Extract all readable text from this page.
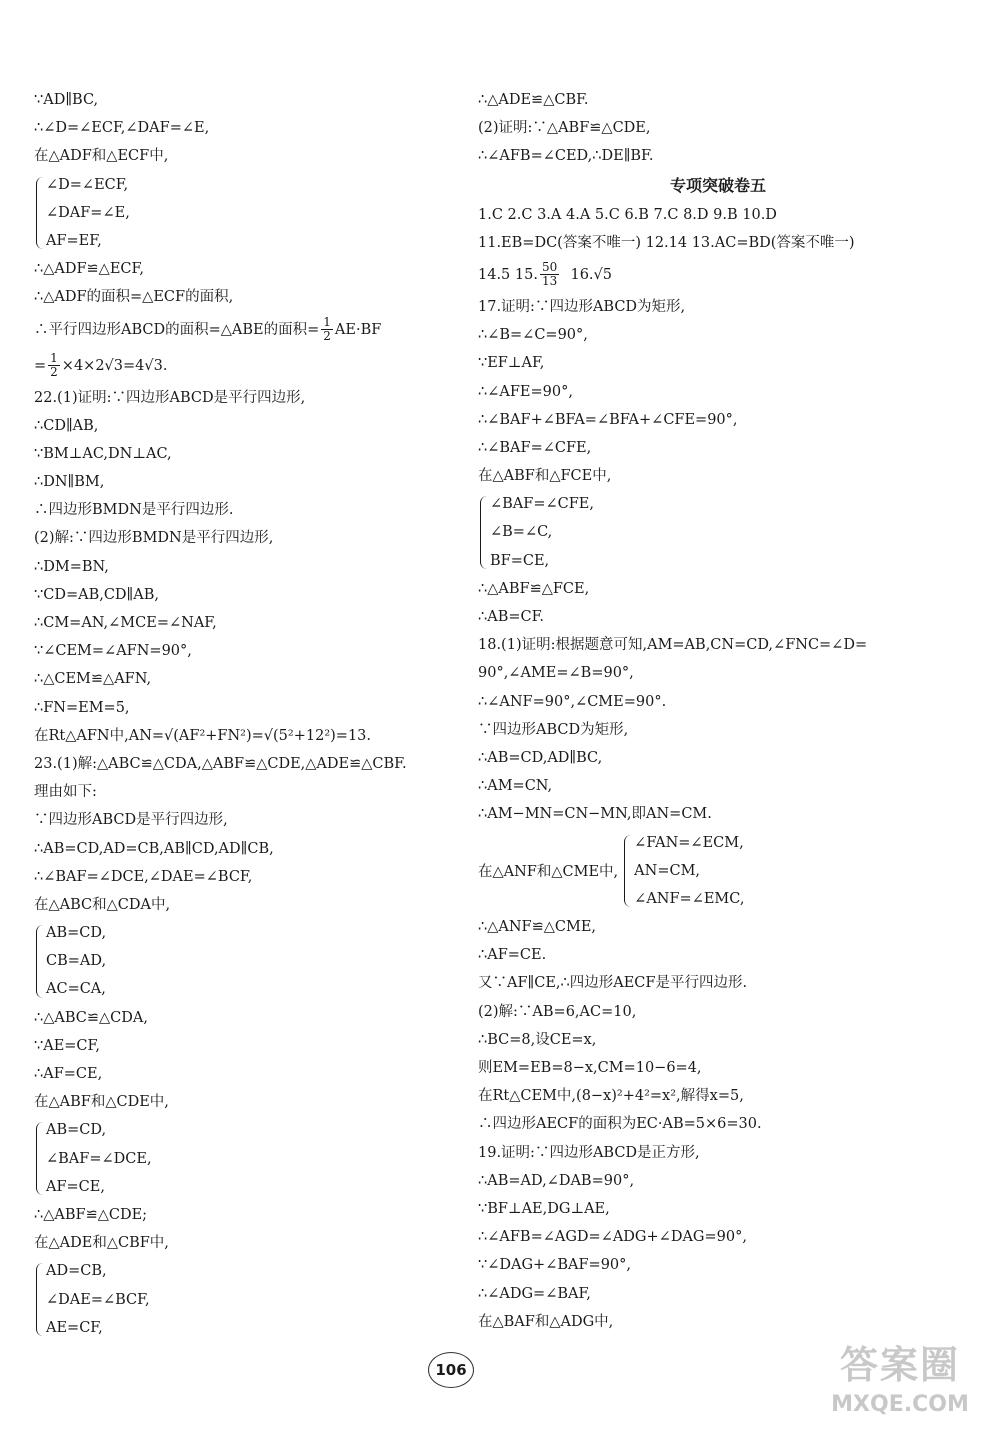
∵AD∥BC,
∴∠D=∠ECF,∠DAF=∠E,
在△ADF和△ECF中,
∠D=∠ECF,
∠DAF=∠E,
AF=EF,
∴△ADF≌△ECF,
∴△ADF的面积=△ECF的面积,
∴平行四边形ABCD的面积=△ABE的面积= $\frac{1}{2} AE\cdot BF$
= $\frac{1}{2} \times 4\times 2√3=4√3$.
22.(1)证明:∵四边形ABCD是平行四边形,
∴CD∥AB,
∵BM⊥AC,DN⊥AC,
∴DN∥BM,
∴四边形BMDN是平行四边形.
(2)解:∵四边形BMDN是平行四边形,
∴DM=BN,
∵CD=AB,CD∥AB,
∴CM=AN,∠MCE=∠NAF,
∵∠CEM=∠AFN=90°,
∴△CEM≌△AFN,
∴FN=EM=5,
在Rt△AFN中,AN=√(AF²+FN²)=√(5²+12²)=13.
23.(1)解:△ABC≌△CDA,△ABF≌△CDE,△ADE≌△CBF.
理由如下:
∵四边形ABCD是平行四边形,
∴AB=CD,AD=CB,AB∥CD,AD∥CB,
∴∠BAF=∠DCE,∠DAE=∠BCF,
在△ABC和△CDA中,
AB=CD,
CB=AD,
AC=CA,
∴△ABC≌△CDA,
∵AE=CF,
∴AF=CE,
在△ABF和△CDE中,
AB=CD,
∠BAF=∠DCE,
AF=CE,
∴△ABF≌△CDE;
在△ADE和△CBF中,
AD=CB,
∠DAE=∠BCF,
AE=CF,
∴△ADE≌△CBF.
(2)证明:∵△ABF≌△CDE,
∴∠AFB=∠CED,∴DE∥BF.
专项突破卷五
1.C 2.C 3.A 4.A 5.C 6.B 7.C 8.D 9.B 10.D
11.EB=DC(答案不唯一) 12.14 13.AC=BD(答案不唯一)
14.5 15. $\frac{50}{13} 16.√5$
17.证明:∵四边形ABCD为矩形,
∴∠B=∠C=90°,
∵EF⊥AF,
∴∠AFE=90°,
∴∠BAF+∠BFA=∠BFA+∠CFE=90°,
∴∠BAF=∠CFE,
在△ABF和△FCE中,
∠BAF=∠CFE,
∠B=∠C,
BF=CE,
∴△ABF≌△FCE,
∴AB=CF.
18.(1)证明:根据题意可知,AM=AB,CN=CD,∠FNC=∠D=
90°,∠AME=∠B=90°,
∴∠ANF=90°,∠CME=90°.
∵四边形ABCD为矩形,
∴AB=CD,AD∥BC,
∴AM=CN,
∴AM−MN=CN−MN,即AN=CM.
在△ANF和△CME中,
∠FAN=∠ECM,
AN=CM,
∠ANF=∠EMC,
∴△ANF≌△CME,
∴AF=CE.
又∵AF∥CE,∴四边形AECF是平行四边形.
(2)解:∵AB=6,AC=10,
∴BC=8,设CE=x,
则EM=EB=8−x,CM=10−6=4,
在Rt△CEM中,(8−x)²+4²=x²,解得x=5,
∴四边形AECF的面积为EC·AB=5×6=30.
19.证明:∵四边形ABCD是正方形,
∴AB=AD,∠DAB=90°,
∵BF⊥AE,DG⊥AE,
∴∠AFB=∠AGD=∠ADG+∠DAG=90°,
∵∠DAG+∠BAF=90°,
∴∠ADG=∠BAF,
在△BAF和△ADG中,
106	答案圈
MXQE.COM
